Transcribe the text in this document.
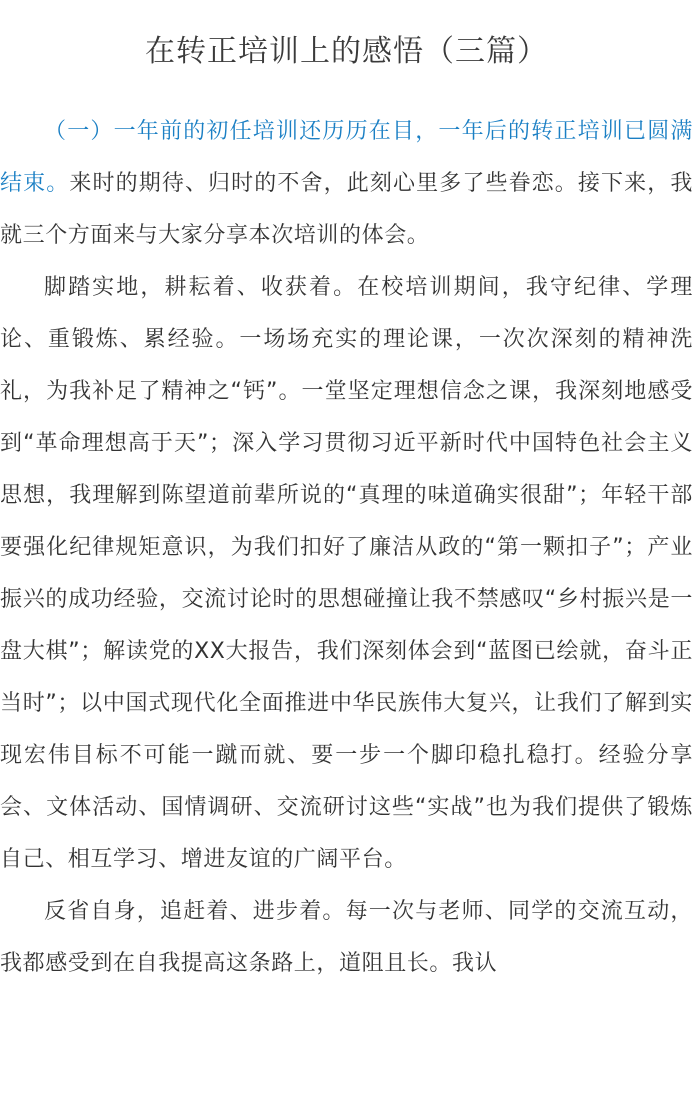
在转正培训上的感悟（三篇）

（一）一年前的初任培训还历历在目，一年后的转正培训已圆满结束。来时的期待、归时的不舍，此刻心里多了些眷恋。接下来，我就三个方面来与大家分享本次培训的体会。

脚踏实地，耕耘着、收获着。在校培训期间，我守纪律、学理论、重锻炼、累经验。一场场充实的理论课，一次次深刻的精神洗礼，为我补足了精神之“钙”。一堂坚定理想信念之课，我深刻地感受到“革命理想高于天”；深入学习贯彻习近平新时代中国特色社会主义思想，我理解到陈望道前辈所说的“真理的味道确实很甜”；年轻干部要强化纪律规矩意识，为我们扣好了廉洁从政的“第一颗扣子”；产业振兴的成功经验，交流讨论时的思想碰撞让我不禁感叹“乡村振兴是一盘大棋”；解读党的XX大报告，我们深刻体会到“蓝图已绘就，奋斗正当时”；以中国式现代化全面推进中华民族伟大复兴，让我们了解到实现宏伟目标不可能一蹴而就、要一步一个脚印稳扎稳打。经验分享会、文体活动、国情调研、交流研讨这些“实战”也为我们提供了锻炼自己、相互学习、增进友谊的广阔平台。

反省自身，追赶着、进步着。每一次与老师、同学的交流互动，我都感受到在自我提高这条路上，道阻且长。我认
